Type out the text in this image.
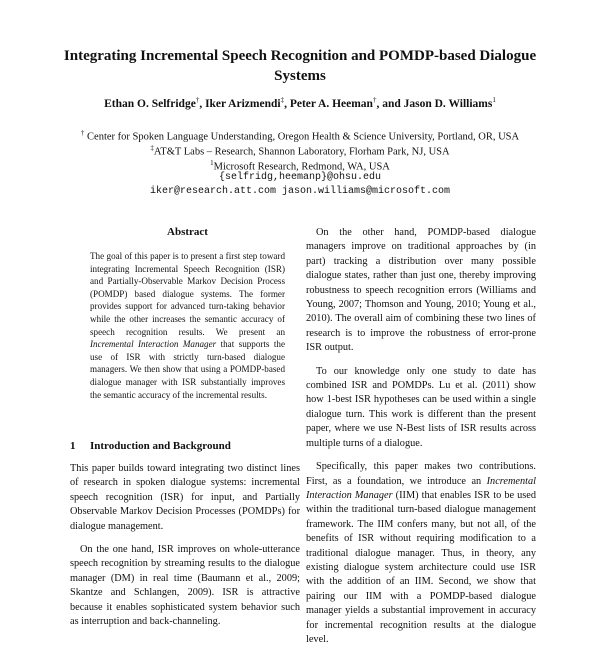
Integrating Incremental Speech Recognition and POMDP-based Dialogue Systems
Ethan O. Selfridge†, Iker Arizmendi‡, Peter A. Heeman†, and Jason D. Williams$^1$
† Center for Spoken Language Understanding, Oregon Health & Science University, Portland, OR, USA
‡AT&T Labs – Research, Shannon Laboratory, Florham Park, NJ, USA
$^1$Microsoft Research, Redmond, WA, USA
{selfridg,heemanp}@ohsu.edu
iker@research.att.com jason.williams@microsoft.com
Abstract
The goal of this paper is to present a first step toward integrating Incremental Speech Recognition (ISR) and Partially-Observable Markov Decision Process (POMDP) based dialogue systems. The former provides support for advanced turn-taking behavior while the other increases the semantic accuracy of speech recognition results. We present an Incremental Interaction Manager that supports the use of ISR with strictly turn-based dialogue managers. We then show that using a POMDP-based dialogue manager with ISR substantially improves the semantic accuracy of the incremental results.
1 Introduction and Background

This paper builds toward integrating two distinct lines of research in spoken dialogue systems: incremental speech recognition (ISR) for input, and Partially Observable Markov Decision Processes (POMDPs) for dialogue management.

On the one hand, ISR improves on whole-utterance speech recognition by streaming results to the dialogue manager (DM) in real time (Baumann et al., 2009; Skantze and Schlangen, 2009). ISR is attractive because it enables sophisticated system behavior such as interruption and back-channeling.

On the other hand, POMDP-based dialogue managers improve on traditional approaches by (in part) tracking a distribution over many possible dialogue states, rather than just one, thereby improving robustness to speech recognition errors (Williams and Young, 2007; Thomson and Young, 2010; Young et al., 2010). The overall aim of combining these two lines of research is to improve the robustness of error-prone ISR output.

To our knowledge only one study to date has combined ISR and POMDPs. Lu et al. (2011) show how 1-best ISR hypotheses can be used within a single dialogue turn. This work is different than the present paper, where we use N-Best lists of ISR results across multiple turns of a dialogue.

Specifically, this paper makes two contributions. First, as a foundation, we introduce an Incremental Interaction Manager (IIM) that enables ISR to be used within the traditional turn-based dialogue management framework. The IIM confers many, but not all, of the benefits of ISR without requiring modification to a traditional dialogue manager. Thus, in theory, any existing dialogue system architecture could use ISR with the addition of an IIM. Second, we show that pairing our IIM with a POMDP-based dialogue manager yields a substantial improvement in accuracy for incremental recognition results at the dialogue level.
